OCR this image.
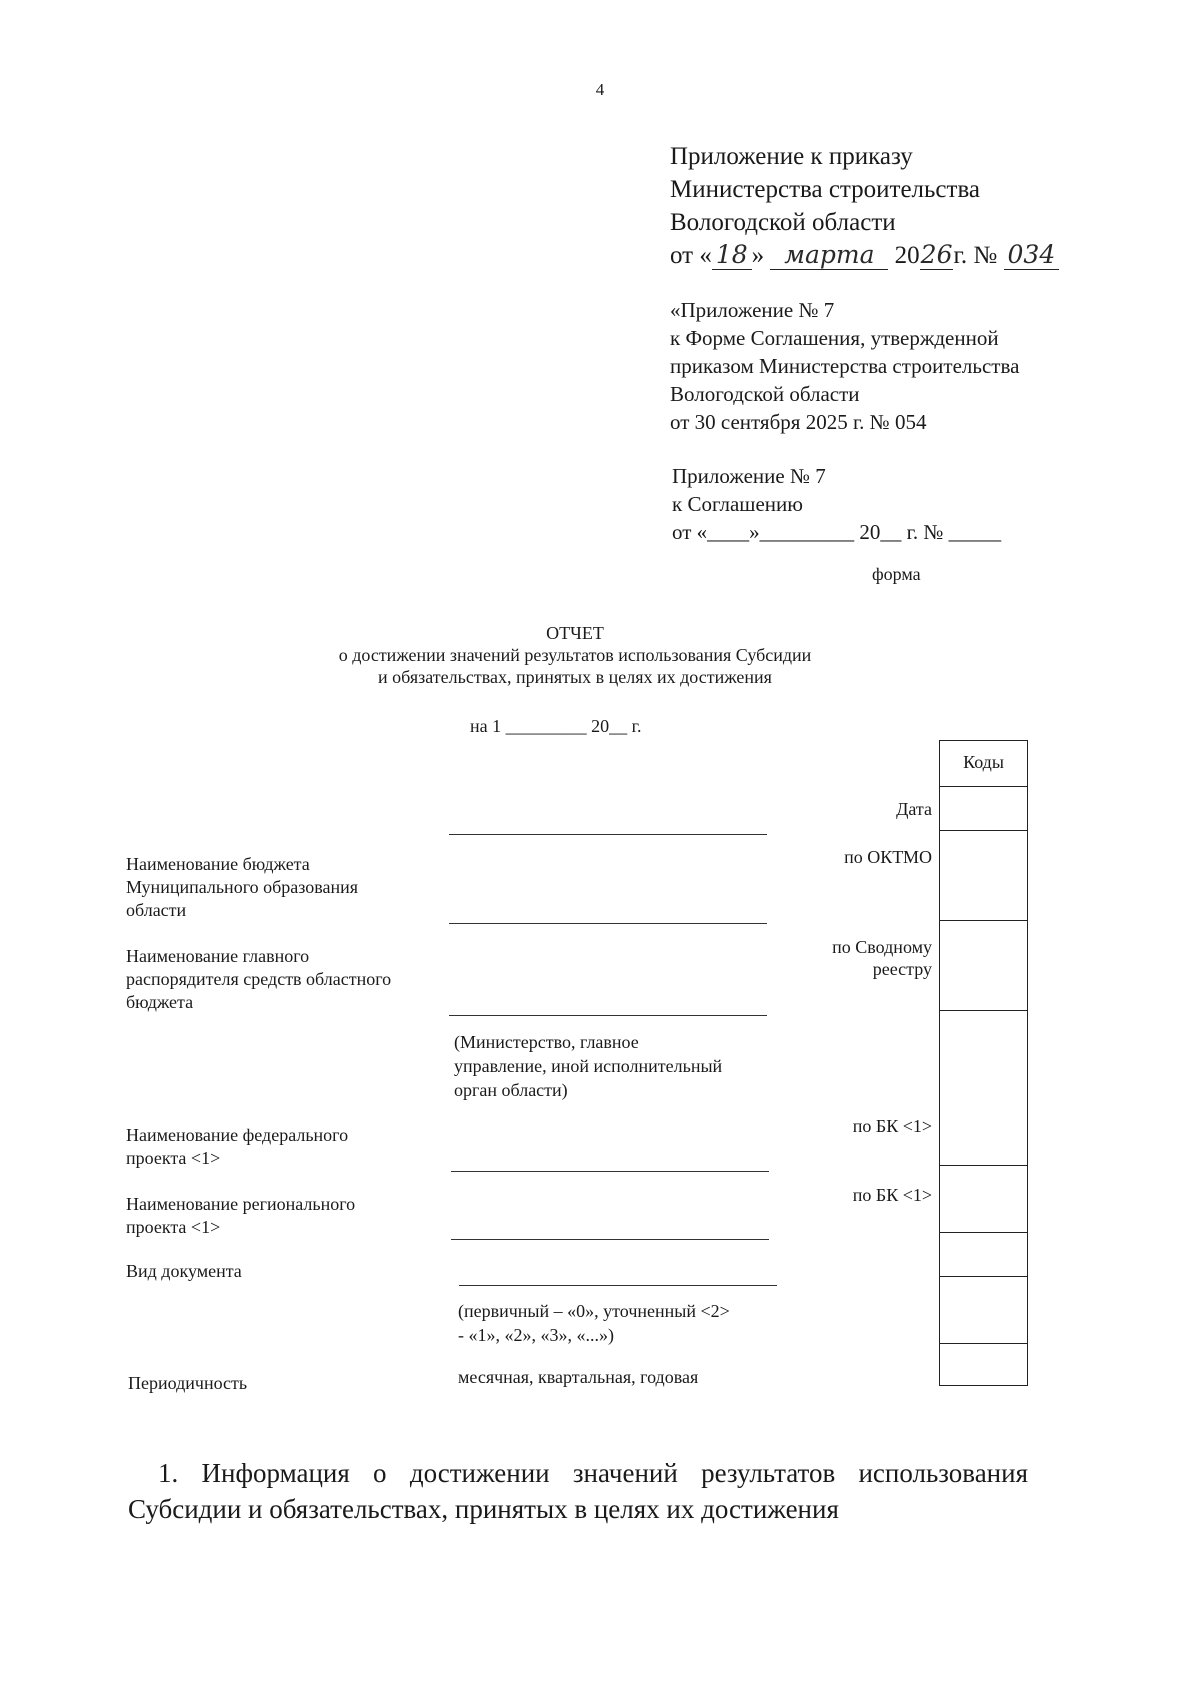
4
Приложение к приказу
Министерства строительства
Вологодской области
от « 18 » марта 2026г. № 034
«Приложение № 7
к Форме Соглашения, утвержденной
приказом Министерства строительства
Вологодской области
от 30 сентября 2025 г. № 054
Приложение № 7
к Соглашению
от «____»_________ 20__ г. № _____
форма
ОТЧЕТ
о достижении значений результатов использования Субсидии
и обязательствах, принятых в целях их достижения
на 1 _________ 20__ г.
Коды
Дата
по ОКТМО
по Сводному
реестру
по БК <1>
по БК <1>
Наименование бюджета
Муниципального образования
области
Наименование главного
распорядителя средств областного
бюджета
(Министерство, главное
управление, иной исполнительный
орган области)
Наименование федерального
проекта <1>
Наименование регионального
проекта <1>
Вид документа
(первичный – «0», уточненный <2>
- «1», «2», «3», «...»)
Периодичность	месячная, квартальная, годовая
1. Информация о достижении значений результатов использования
Субсидии и обязательствах, принятых в целях их достижения
